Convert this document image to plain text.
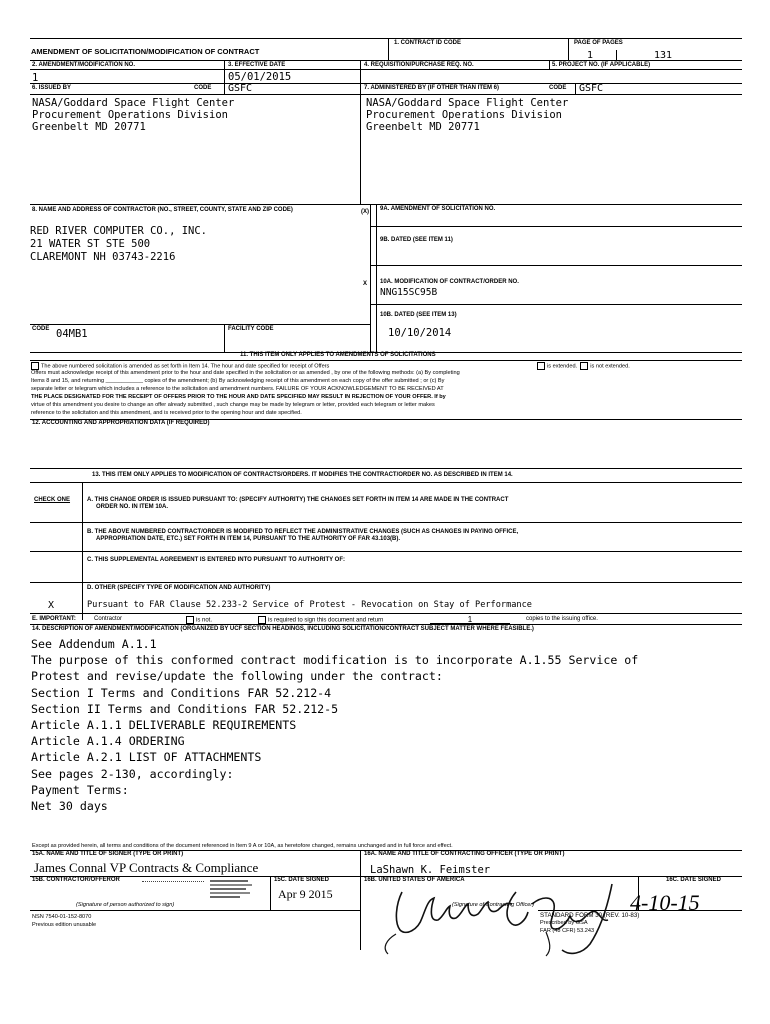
AMENDMENT OF SOLICITATION/MODIFICATION OF CONTRACT
1. CONTRACT ID CODE	PAGE OF PAGES
1	131
2. AMENDMENT/MODIFICATION NO.
1
3. EFFECTIVE DATE
05/01/2015
4. REQUISITION/PURCHASE REQ. NO.	5. PROJECT NO. (IF APPLICABLE)
6. ISSUED BY	CODE GSFC
NASA/Goddard Space Flight Center
Procurement Operations Division
Greenbelt MD 20771
7. ADMINISTERED BY (IF OTHER THAN ITEM 6)	CODE GSFC
NASA/Goddard Space Flight Center
Procurement Operations Division
Greenbelt MD 20771
8. NAME AND ADDRESS OF CONTRACTOR (NO., STREET, COUNTY, STATE AND ZIP CODE)
RED RIVER COMPUTER CO., INC.
21 WATER ST STE 500
CLAREMONT NH 03743-2216
(X) 9A. AMENDMENT OF SOLICITATION NO.
9B. DATED (SEE ITEM 11)
X 10A. MODIFICATION OF CONTRACT/ORDER NO.
NNG15SC95B
10B. DATED (SEE ITEM 13)
10/10/2014
CODE 04MB1	FACILITY CODE
11. THIS ITEM ONLY APPLIES TO AMENDMENTS OF SOLICITATIONS
The above numbered solicitation is amended as set forth in Item 14. The hour and date specified for receipt of Offers	is extended. is not extended.
Offers must acknowledge receipt of this amendment prior to the hour and date specified in the solicitation or as amended , by one of the following methods: (a) By completing
Items 8 and 15, and returning ____________ copies of the amendment; (b) By acknowledging receipt of this amendment on each copy of the offer submitted ; or (c) By
separate letter or telegram which includes a reference to the solicitation and amendment numbers. FAILURE OF YOUR ACKNOWLEDGEMENT TO BE RECEIVED AT
THE PLACE DESIGNATED FOR THE RECEIPT OF OFFERS PRIOR TO THE HOUR AND DATE SPECIFIED MAY RESULT IN REJECTION OF YOUR OFFER. If by
virtue of this amendment you desire to change an offer already submitted , such change may be made by telegram or letter, provided each telegram or letter makes
reference to the solicitation and this amendment, and is received prior to the opening hour and date specified.
12. ACCOUNTING AND APPROPRIATION DATA (IF REQUIRED)
13. THIS ITEM ONLY APPLIES TO MODIFICATION OF CONTRACTS/ORDERS. IT MODIFIES THE CONTRACT/ORDER NO. AS DESCRIBED IN ITEM 14.
CHECK ONE	A. THIS CHANGE ORDER IS ISSUED PURSUANT TO: (SPECIFY AUTHORITY) THE CHANGES SET FORTH IN ITEM 14 ARE MADE IN THE CONTRACT
ORDER NO. IN ITEM 10A.
B. THE ABOVE NUMBERED CONTRACT/ORDER IS MODIFIED TO REFLECT THE ADMINISTRATIVE CHANGES (SUCH AS CHANGES IN PAYING OFFICE,
APPROPRIATION DATE, ETC.) SET FORTH IN ITEM 14, PURSUANT TO THE AUTHORITY OF FAR 43.103(B).
C. THIS SUPPLEMENTAL AGREEMENT IS ENTERED INTO PURSUANT TO AUTHORITY OF:
D. OTHER (SPECIFY TYPE OF MODIFICATION AND AUTHORITY)
X	Pursuant to FAR Clause 52.233-2 Service of Protest - Revocation on Stay of Performance
E. IMPORTANT:	Contractor	is not.	is required to sign this document and return	1	copies to the issuing office.
14. DESCRIPTION OF AMENDMENT/MODIFICATION (ORGANIZED BY UCF SECTION HEADINGS, INCLUDING SOLICITATION/CONTRACT SUBJECT MATTER WHERE FEASIBLE.)
See Addendum A.1.1
The purpose of this conformed contract modification is to incorporate A.1.55 Service of
Protest and revise/update the following under the contract:
Section I Terms and Conditions FAR 52.212-4
Section II Terms and Conditions FAR 52.212-5
Article A.1.1 DELIVERABLE REQUIREMENTS
Article A.1.4 ORDERING
Article A.2.1 LIST OF ATTACHMENTS
See pages 2-130, accordingly:
Payment Terms:
Net 30 days
Except as provided herein, all terms and conditions of the document referenced in Item 9 A or 10A, as heretofore changed, remains unchanged and in full force and effect.
15A. NAME AND TITLE OF SIGNER (TYPE OR PRINT)	16A. NAME AND TITLE OF CONTRACTING OFFICER (TYPE OR PRINT)
James Connal VP Contracts & Compliance	LaShawn K. Feimster
15B. CONTRACTOR/OFFEROR
(Signature of person authorized to sign)
15C. DATE SIGNED
Apr 9 2015
16B. UNITED STATES OF AMERICA	16C. DATE SIGNED
(Signature of Contracting Officer)	4-10-15
NSN 7540-01-152-8070
Previous edition unusable
STANDARD FORM 30 (REV. 10-83)
Prescribed by GSA
FAR (48 CFR) 53.243
